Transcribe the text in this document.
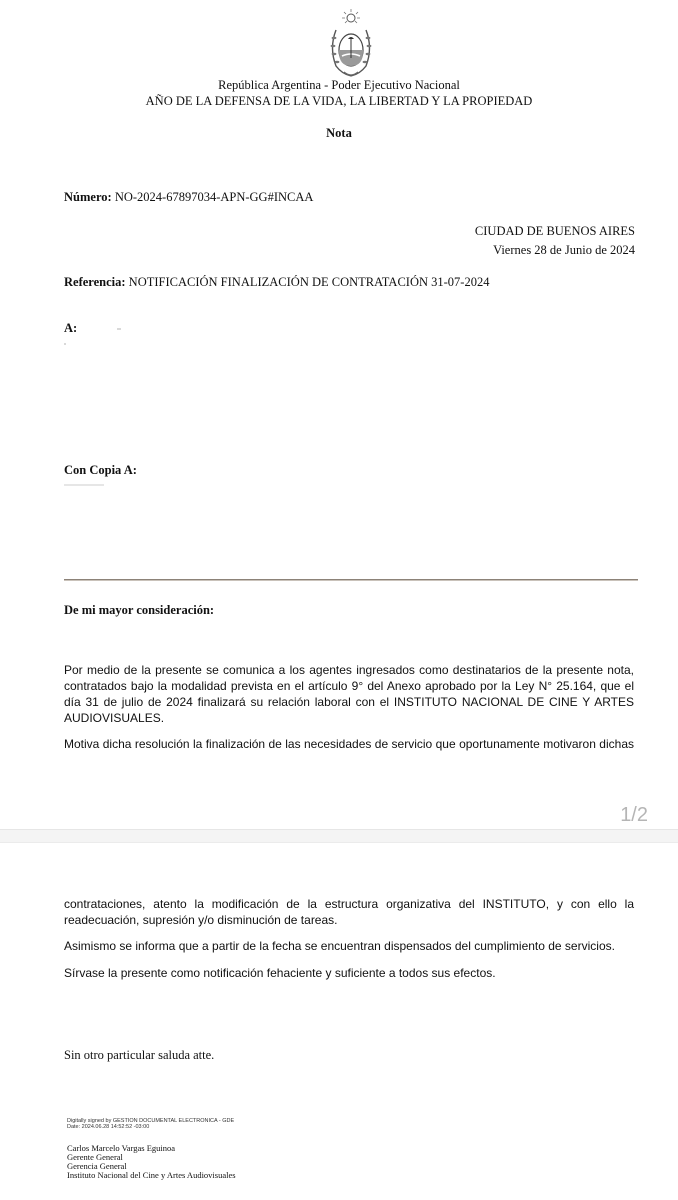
República Argentina - Poder Ejecutivo Nacional
AÑO DE LA DEFENSA DE LA VIDA, LA LIBERTAD Y LA PROPIEDAD
Nota
Número: NO-2024-67897034-APN-GG#INCAA
CIUDAD DE BUENOS AIRES
Viernes 28 de Junio de 2024
Referencia: NOTIFICACIÓN FINALIZACIÓN DE CONTRATACIÓN 31-07-2024
A:
Con Copia A:
De mi mayor consideración:
Por medio de la presente se comunica a los agentes ingresados como destinatarios de la presente nota, contratados bajo la modalidad prevista en el artículo 9° del Anexo aprobado por la Ley N° 25.164, que el día 31 de julio de 2024 finalizará su relación laboral con el INSTITUTO NACIONAL DE CINE Y ARTES AUDIOVISUALES.
Motiva dicha resolución la finalización de las necesidades de servicio que oportunamente motivaron dichas
1/2
contrataciones, atento la modificación de la estructura organizativa del INSTITUTO, y con ello la readecuación, supresión y/o disminución de tareas.
Asimismo se informa que a partir de la fecha se encuentran dispensados del cumplimiento de servicios.
Sírvase la presente como notificación fehaciente y suficiente a todos sus efectos.
Sin otro particular saluda atte.
Digitally signed by GESTION DOCUMENTAL ELECTRONICA - GDE
Date: 2024.06.28 14:52:52 -03:00
Carlos Marcelo Vargas Eguinoa
Gerente General
Gerencia General
Instituto Nacional del Cine y Artes Audiovisuales
